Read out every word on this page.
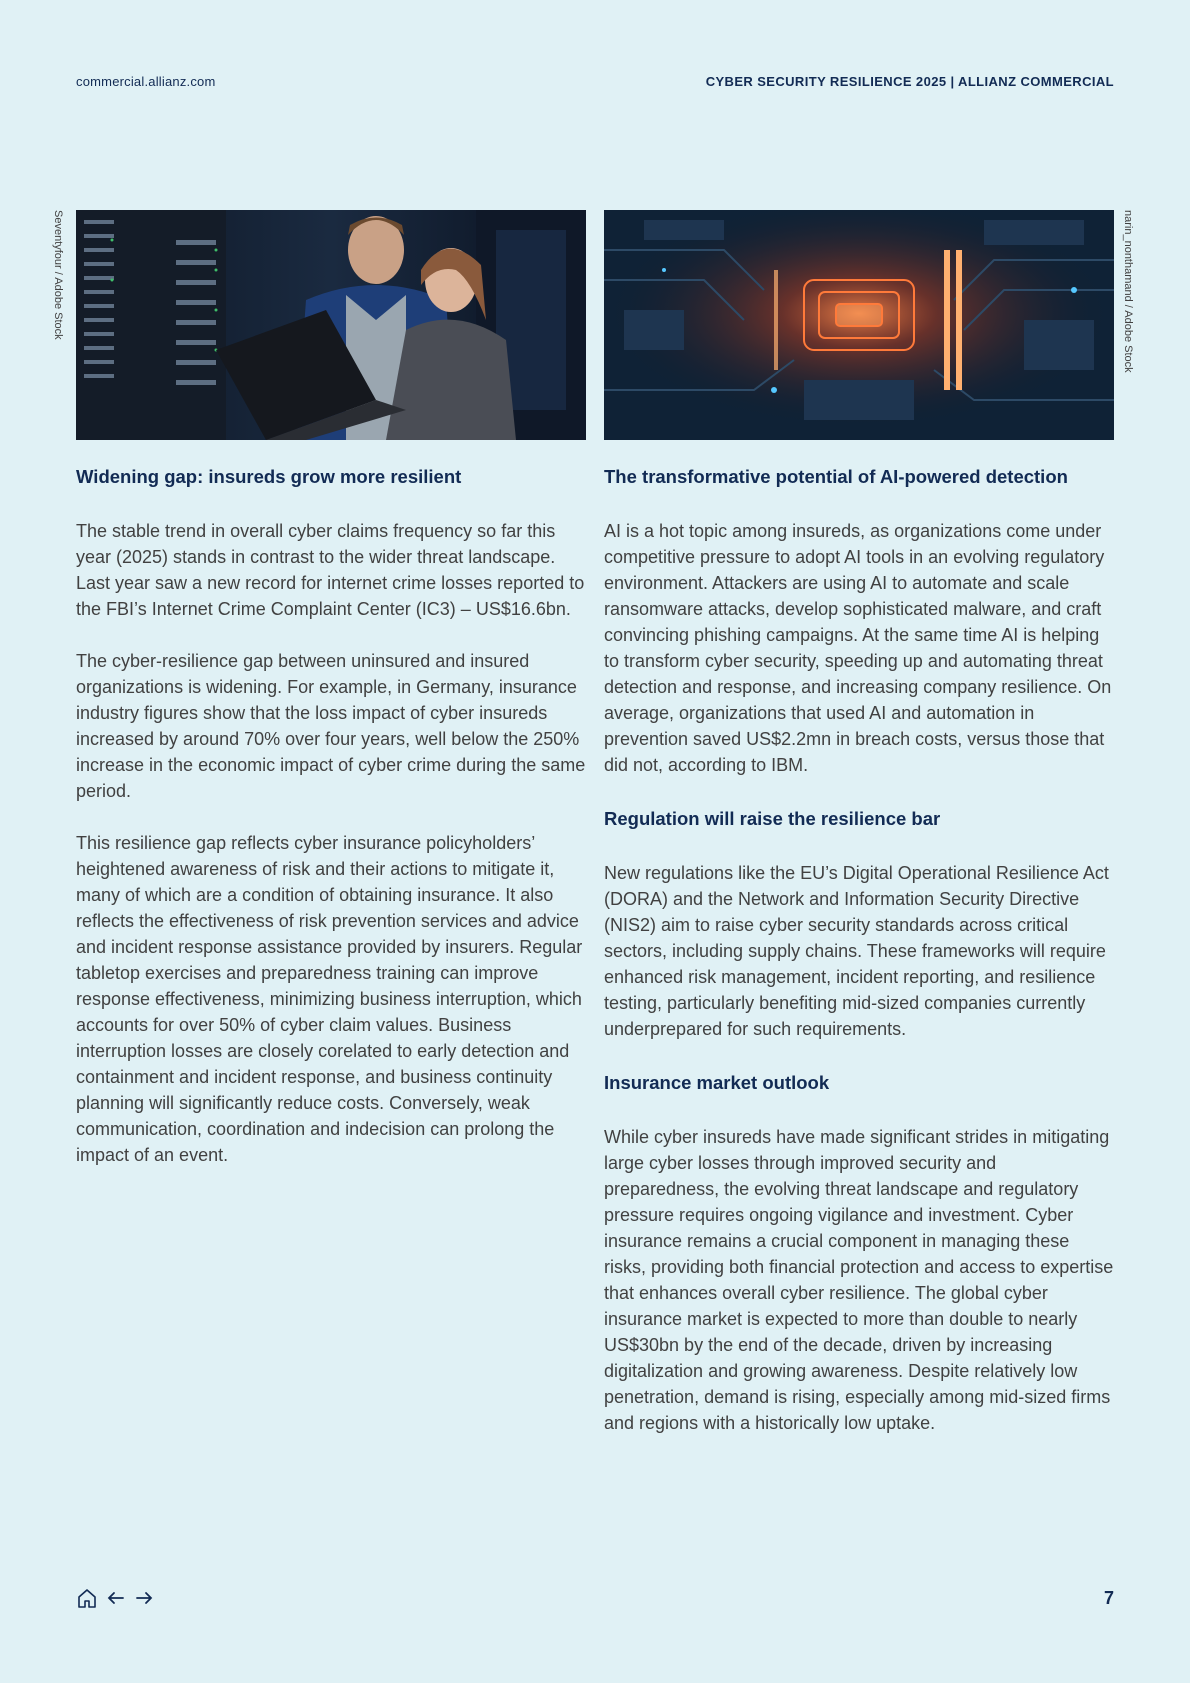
commercial.allianz.com	CYBER SECURITY RESILIENCE 2025 | ALLIANZ COMMERCIAL
Seventyfour / Adobe Stock	narin_nonthamand / Adobe Stock
Widening gap: insureds grow more resilient

The stable trend in overall cyber claims frequency so far this year (2025) stands in contrast to the wider threat landscape. Last year saw a new record for internet crime losses reported to the FBI’s Internet Crime Complaint Center (IC3) – US$16.6bn.

The cyber-resilience gap between uninsured and insured organizations is widening. For example, in Germany, insurance industry figures show that the loss impact of cyber insureds increased by around 70% over four years, well below the 250% increase in the economic impact of cyber crime during the same period.

This resilience gap reflects cyber insurance policyholders’ heightened awareness of risk and their actions to mitigate it, many of which are a condition of obtaining insurance. It also reflects the effectiveness of risk prevention services and advice and incident response assistance provided by insurers. Regular tabletop exercises and preparedness training can improve response effectiveness, minimizing business interruption, which accounts for over 50% of cyber claim values. Business interruption losses are closely corelated to early detection and containment and incident response, and business continuity planning will significantly reduce costs. Conversely, weak communication, coordination and indecision can prolong the impact of an event.

The transformative potential of AI-powered detection

AI is a hot topic among insureds, as organizations come under competitive pressure to adopt AI tools in an evolving regulatory environment. Attackers are using AI to automate and scale ransomware attacks, develop sophisticated malware, and craft convincing phishing campaigns. At the same time AI is helping to transform cyber security, speeding up and automating threat detection and response, and increasing company resilience. On average, organizations that used AI and automation in prevention saved US$2.2mn in breach costs, versus those that did not, according to IBM.

Regulation will raise the resilience bar

New regulations like the EU’s Digital Operational Resilience Act (DORA) and the Network and Information Security Directive (NIS2) aim to raise cyber security standards across critical sectors, including supply chains. These frameworks will require enhanced risk management, incident reporting, and resilience testing, particularly benefiting mid-sized companies currently underprepared for such requirements.

Insurance market outlook

While cyber insureds have made significant strides in mitigating large cyber losses through improved security and preparedness, the evolving threat landscape and regulatory pressure requires ongoing vigilance and investment. Cyber insurance remains a crucial component in managing these risks, providing both financial protection and access to expertise that enhances overall cyber resilience. The global cyber insurance market is expected to more than double to nearly US$30bn by the end of the decade, driven by increasing digitalization and growing awareness. Despite relatively low penetration, demand is rising, especially among mid-sized firms and regions with a historically low uptake.

7
